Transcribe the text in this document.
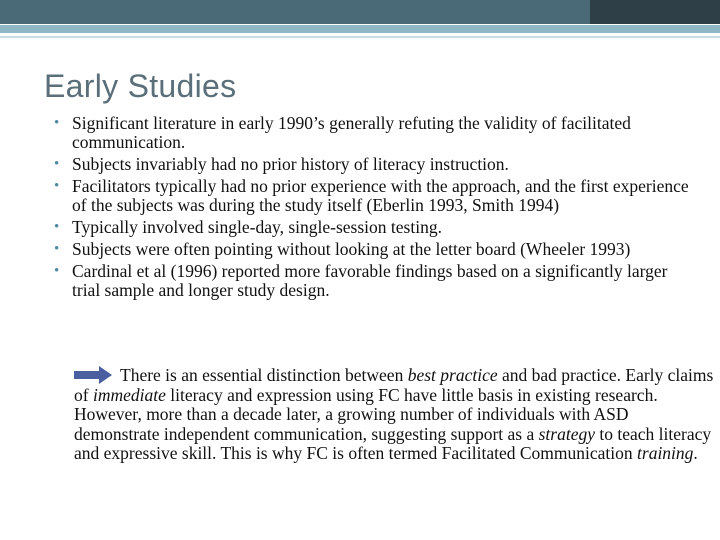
Early Studies
• Significant literature in early 1990’s generally refuting the validity of facilitated communication.
• Subjects invariably had no prior history of literacy instruction.
• Facilitators typically had no prior experience with the approach, and the first experience of the subjects was during the study itself (Eberlin 1993, Smith 1994)
• Typically involved single-day, single-session testing.
• Subjects were often pointing without looking at the letter board (Wheeler 1993)
• Cardinal et al (1996) reported more favorable findings based on a significantly larger trial sample and longer study design.
There is an essential distinction between best practice and bad practice. Early claims of immediate literacy and expression using FC have little basis in existing research. However, more than a decade later, a growing number of individuals with ASD demonstrate independent communication, suggesting support as a strategy to teach literacy and expressive skill. This is why FC is often termed Facilitated Communication training.
